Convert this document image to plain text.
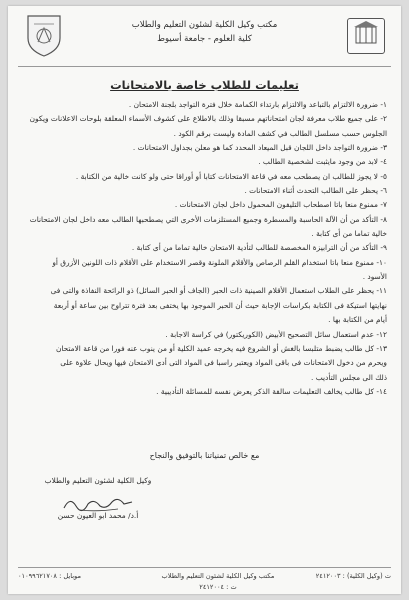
مكتب وكيل الكلية لشئون التعليم والطلاب
كلية العلوم - جامعة أسيوط
تعليمات للطلاب خاصة بالامتحانات
١- ضرورة الالتزام بالتباعد والالتزام بارتداء الكمامة خلال فترة التواجد بلجنة الامتحان .
٢- على جميع طلاب معرفة لجان امتحاناتهم مسبقا وذلك بالاطلاع على كشوف الأسماء المعلقة بلوحات الاعلانات ويكون
الجلوس حسب مسلسل الطالب في كشف المادة وليست برقم الكود .
٣- ضرورة التواجد داخل اللجان قبل الميعاد المحدد كما هو معلن بجداول الامتحانات .
٤- لابد من وجود مايثبت لشخصية الطالب .
٥- لا يجوز للطالب ان يصطحب معه في قاعة الامتحانات كتابا أو أوراقا حتى ولو كانت خالية من الكتابة .
٦- يحظر على الطالب التحدث أثناء الامتحانات .
٧- ممنوع منعا باتا اصطحاب التليفون المحمول داخل لجان الامتحانات .
٨- التأكد من أن الآلة الحاسبة والمسطرة وجميع المستلزمات الأخرى التي يصطحبها الطالب معه داخل لجان الامتحانات
خالية تماما من أى كتابة .
٩- التأكد من أن الترابيزة المخصصة للطالب لتأدية الامتحان خالية تماما من أى كتابة .
١٠- ممنوع منعا باتا استخدام القلم الرصاص والأقلام الملونة وقصر الاستخدام على الأقلام ذات اللونين الأزرق أو
الأسود .
١١- يحظر على الطلاب استعمال الأقلام الصينية ذات الحبر (الجاف أو الحبر السائل) ذو الرائحة النفاذة والتى فى
نهايتها استيكة فى الكتابة بكراسات الإجابة حيث أن الحبر الموجود بها يختفى بعد فترة تتراوح بين ساعة أو أربعة
أيام من الكتابة بها .
١٢- عدم استعمال سائل التصحيح الأبيض (الكوريكتور) في كراسة الاجابة .
١٣- كل طالب يضبط متلبسا بالغش أو الشروع فيه يخرجه عميد الكلية أو من ينوب عنه فورا من قاعة الامتحان
ويحرم من دخول الامتحانات فى باقى المواد ويعتبر راسبا فى المواد التى أدى الامتحان فيها ويحال علاوة على
ذلك الى مجلس التأديب .
١٤- كل طالب يخالف التعليمات سالفة الذكر يعرض نفسه للمسائلة التأديبية .
مع خالص تمنياتنا بالتوفيق والنجاح
وكيل الكلية لشئون التعليم والطلاب
أ.د/ محمد ابو العيون حسن
ت (وكيل الكلية) : ٢٤١٢٠٠٣
مكتب وكيل الكلية لشئون التعليم والطلاب
ت : ٢٤١٢٠٠٤
موبايل : ٠١٠٩٩٦٢١٧٠٨
